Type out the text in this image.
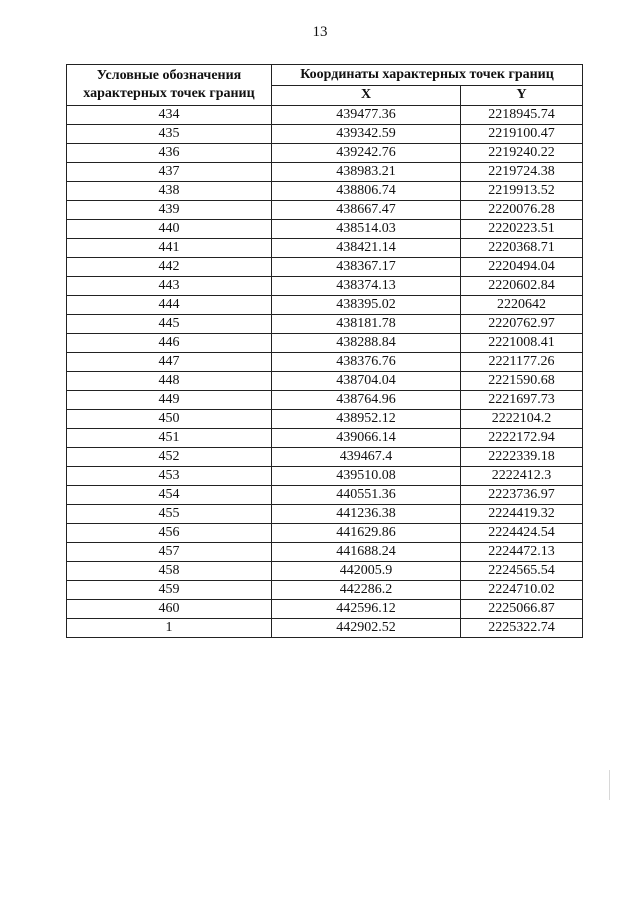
13
Условные обозначения характерных точек границ	Координаты характерных точек границ	
	X	Y
434	439477.36	2218945.74
435	439342.59	2219100.47
436	439242.76	2219240.22
437	438983.21	2219724.38
438	438806.74	2219913.52
439	438667.47	2220076.28
440	438514.03	2220223.51
441	438421.14	2220368.71
442	438367.17	2220494.04
443	438374.13	2220602.84
444	438395.02	2220642
445	438181.78	2220762.97
446	438288.84	2221008.41
447	438376.76	2221177.26
448	438704.04	2221590.68
449	438764.96	2221697.73
450	438952.12	2222104.2
451	439066.14	2222172.94
452	439467.4	2222339.18
453	439510.08	2222412.3
454	440551.36	2223736.97
455	441236.38	2224419.32
456	441629.86	2224424.54
457	441688.24	2224472.13
458	442005.9	2224565.54
459	442286.2	2224710.02
460	442596.12	2225066.87
1	442902.52	2225322.74
